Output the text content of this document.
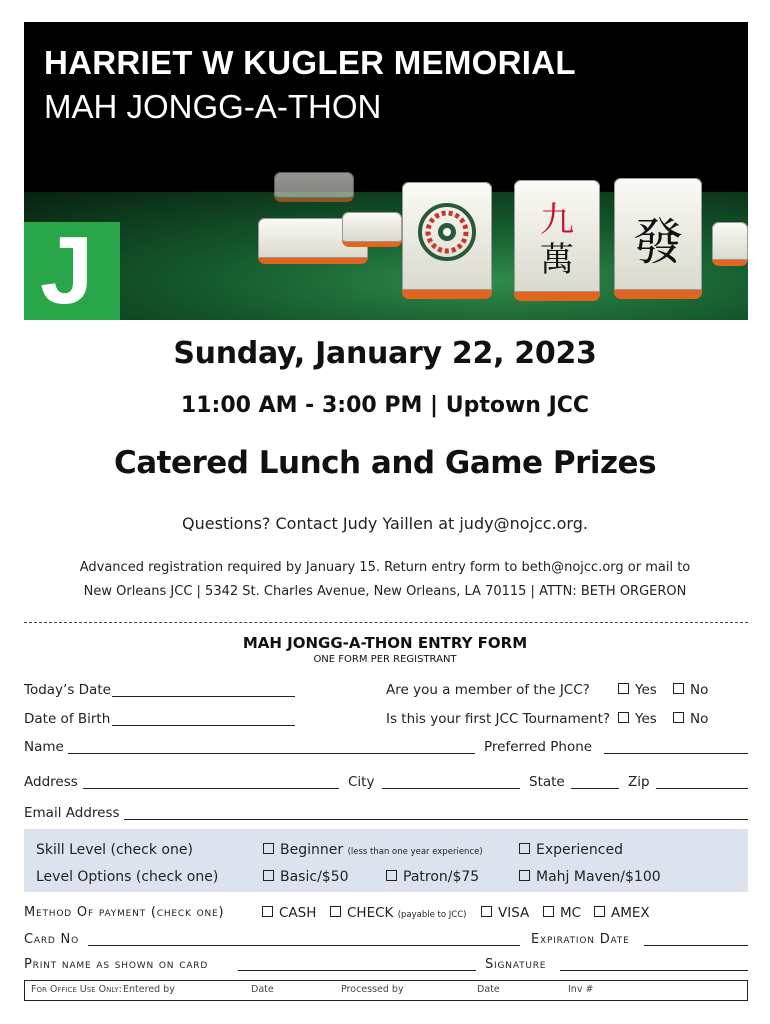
HARRIET W KUGLER MEMORIAL
MAH JONGG-A-THON
九
萬	發
J
Sunday, January 22, 2023
11:00 AM - 3:00 PM | Uptown JCC
Catered Lunch and Game Prizes
Questions? Contact Judy Yaillen at judy@nojcc.org.
Advanced registration required by January 15. Return entry form to beth@nojcc.org or mail to
New Orleans JCC | 5342 St. Charles Avenue, New Orleans, LA 70115 | ATTN: BETH ORGERON
MAH JONGG-A-THON ENTRY FORM
ONE FORM PER REGISTRANT
Today’s Date	Are you a member of the JCC?	Yes	No
Date of Birth	Is this your first JCC Tournament?	Yes	No
Name	Preferred Phone
Address	City	State	Zip
Email Address
Skill Level (check one)	Beginner (less than one year experience)	Experienced
Level Options (check one)	Basic/$50	Patron/$75	Mahj Maven/$100
Method Of payment (check one)	CASH	CHECK (payable to JCC)	VISA	MC	AMEX
Card No	Expiration Date
Print name as shown on card	Signature
For Office Use Only: Entered by	Date	Processed by	Date	Inv #
